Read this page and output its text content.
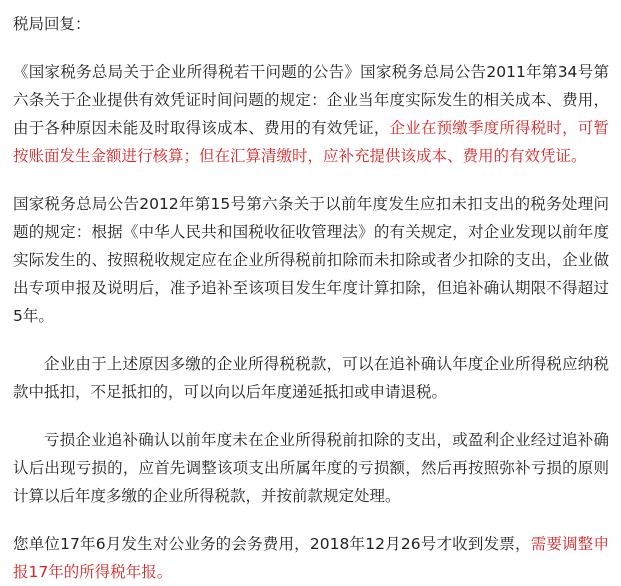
税局回复：

《国家税务总局关于企业所得税若干问题的公告》国家税务总局公告2011年第34号第六条关于企业提供有效凭证时间问题的规定：企业当年度实际发生的相关成本、费用，由于各种原因未能及时取得该成本、费用的有效凭证，企业在预缴季度所得税时，可暂按账面发生金额进行核算；但在汇算清缴时，应补充提供该成本、费用的有效凭证。

国家税务总局公告2012年第15号第六条关于以前年度发生应扣未扣支出的税务处理问题的规定：根据《中华人民共和国税收征收管理法》的有关规定，对企业发现以前年度实际发生的、按照税收规定应在企业所得税前扣除而未扣除或者少扣除的支出，企业做出专项申报及说明后，准予追补至该项目发生年度计算扣除，但追补确认期限不得超过5年。

企业由于上述原因多缴的企业所得税税款，可以在追补确认年度企业所得税应纳税款中抵扣，不足抵扣的，可以向以后年度递延抵扣或申请退税。

亏损企业追补确认以前年度未在企业所得税前扣除的支出，或盈利企业经过追补确认后出现亏损的，应首先调整该项支出所属年度的亏损额，然后再按照弥补亏损的原则计算以后年度多缴的企业所得税款，并按前款规定处理。

您单位17年6月发生对公业务的会务费用，2018年12月26号才收到发票，需要调整申报17年的所得税年报。
